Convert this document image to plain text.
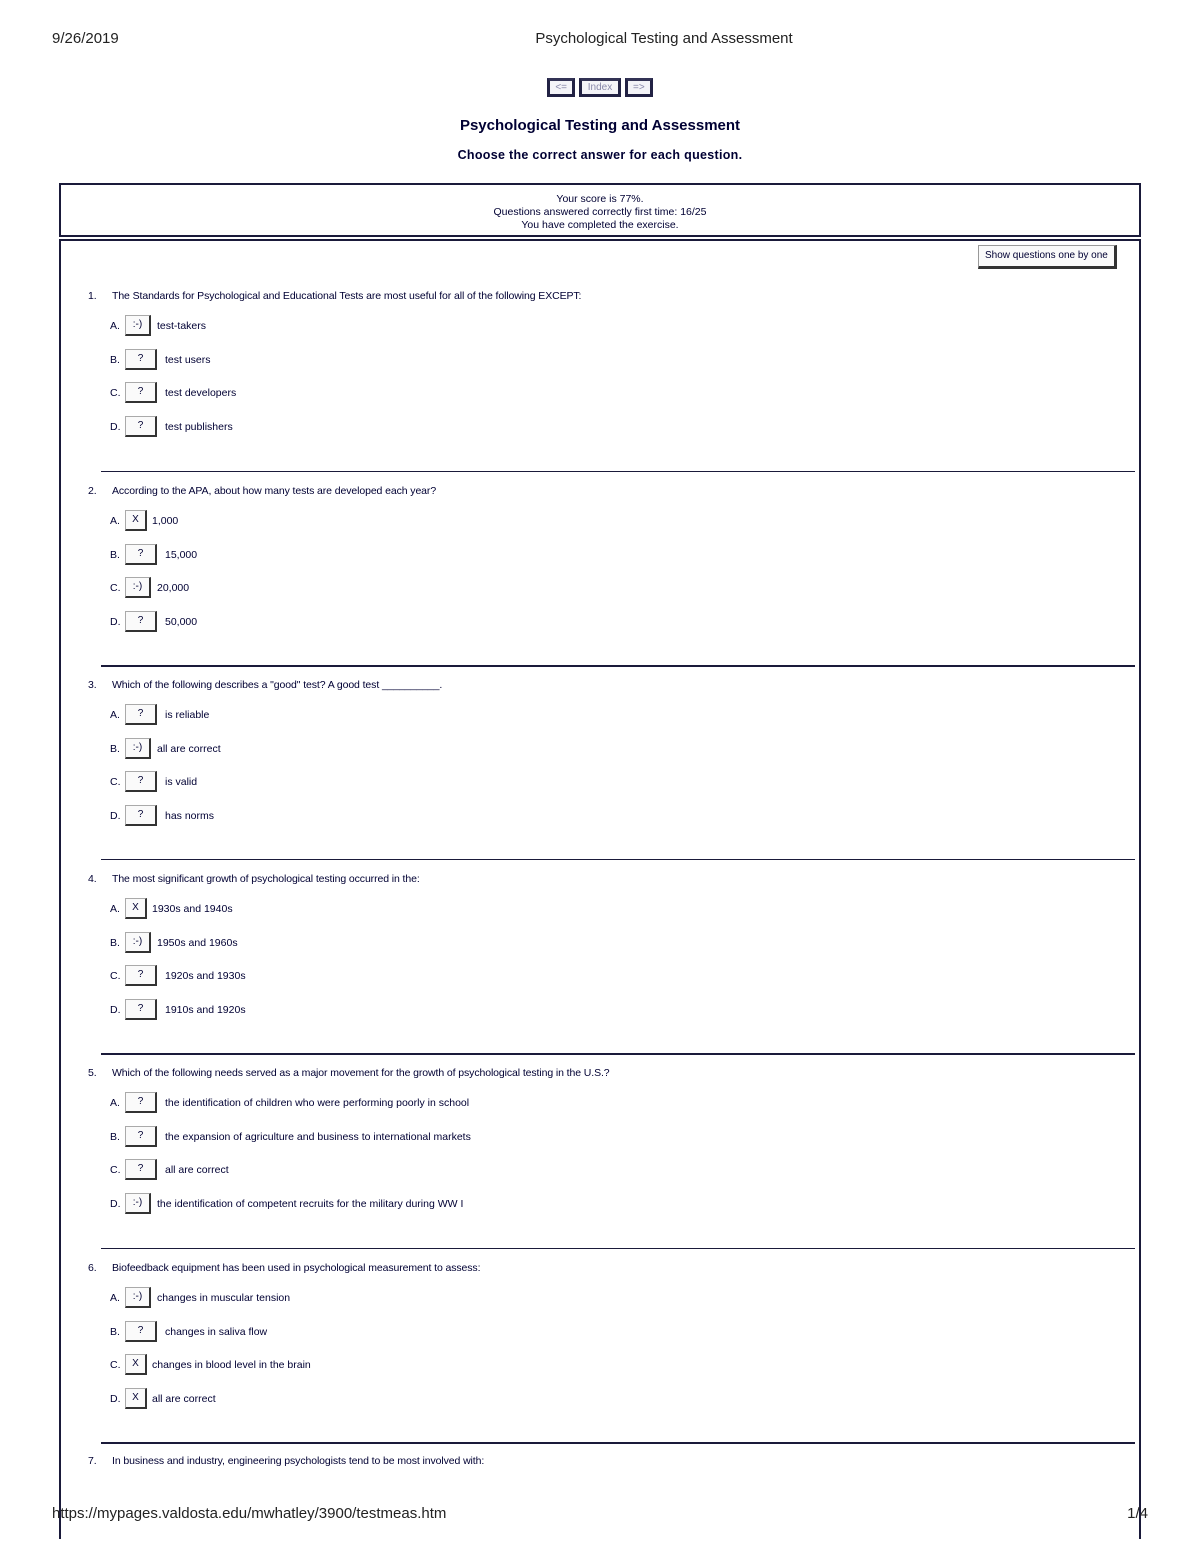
9/26/2019	Psychological Testing and Assessment
<= Index =>
Psychological Testing and Assessment
Choose the correct answer for each question.
Your score is 77%.
Questions answered correctly first time: 16/25
You have completed the exercise.
Show questions one by one
1. The Standards for Psychological and Educational Tests are most useful for all of the following EXCEPT:
A.	:-)	test-takers
B.	?	test users
C.	?	test developers
D.	?	test publishers
2. According to the APA, about how many tests are developed each year?
A.	X	1,000
B.	?	15,000
C.	:-)	20,000
D.	?	50,000
3. Which of the following describes a "good" test? A good test __________.
A.	?	is reliable
B.	:-)	all are correct
C.	?	is valid
D.	?	has norms
4. The most significant growth of psychological testing occurred in the:
A.	X	1930s and 1940s
B.	:-)	1950s and 1960s
C.	?	1920s and 1930s
D.	?	1910s and 1920s
5. Which of the following needs served as a major movement for the growth of psychological testing in the U.S.?
A.	?	the identification of children who were performing poorly in school
B.	?	the expansion of agriculture and business to international markets
C.	?	all are correct
D.	:-)	the identification of competent recruits for the military during WW I
6. Biofeedback equipment has been used in psychological measurement to assess:
A.	:-)	changes in muscular tension
B.	?	changes in saliva flow
C.	X	changes in blood level in the brain
D.	X	all are correct
7. In business and industry, engineering psychologists tend to be most involved with:
https://mypages.valdosta.edu/mwhatley/3900/testmeas.htm	1/4
